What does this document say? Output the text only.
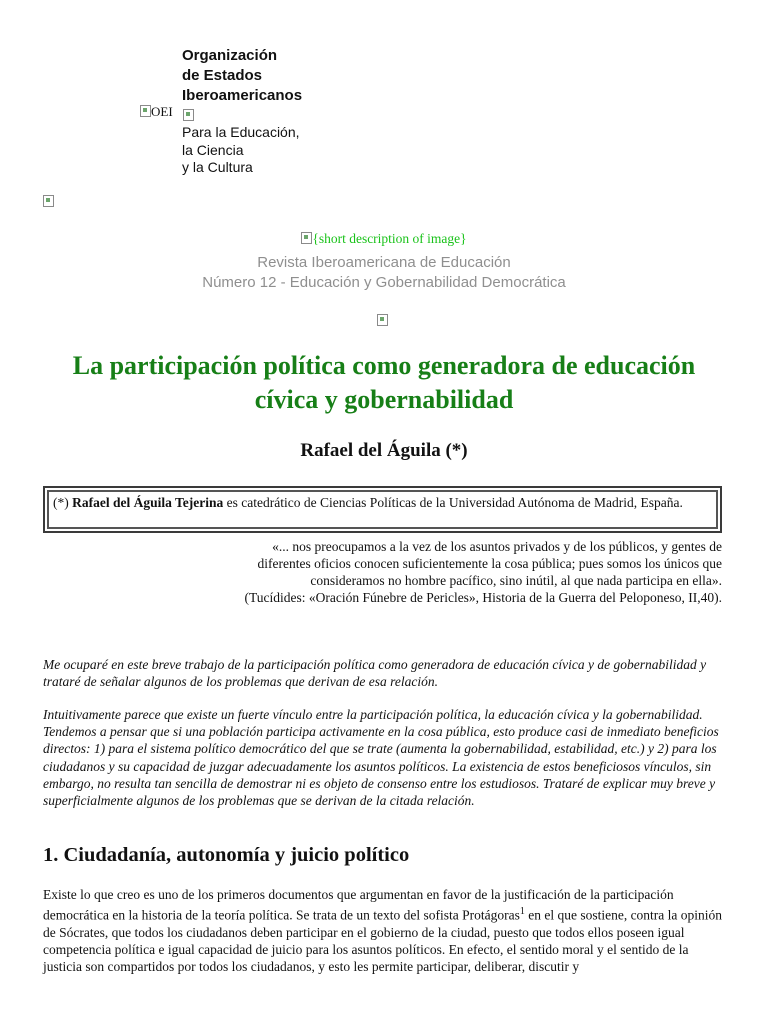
Organización
de Estados
Iberoamericanos
OEI
Para la Educación,
la Ciencia
y la Cultura
{short description of image}
Revista Iberoamericana de Educación
Número 12 - Educación y Gobernabilidad Democrática
La participación política como generadora de educación cívica y gobernabilidad
Rafael del Águila (*)
(*) Rafael del Águila Tejerina es catedrático de Ciencias Políticas de la Universidad Autónoma de Madrid, España.
«... nos preocupamos a la vez de los asuntos privados y de los públicos, y gentes de diferentes oficios conocen suficientemente la cosa pública; pues somos los únicos que consideramos no hombre pacífico, sino inútil, al que nada participa en ella».
(Tucídides: «Oración Fúnebre de Pericles», Historia de la Guerra del Peloponeso, II,40).
Me ocuparé en este breve trabajo de la participación política como generadora de educación cívica y de gobernabilidad y trataré de señalar algunos de los problemas que derivan de esa relación.
Intuitivamente parece que existe un fuerte vínculo entre la participación política, la educación cívica y la gobernabilidad. Tendemos a pensar que si una población participa activamente en la cosa pública, esto produce casi de inmediato beneficios directos: 1) para el sistema político democrático del que se trate (aumenta la gobernabilidad, estabilidad, etc.) y 2) para los ciudadanos y su capacidad de juzgar adecuadamente los asuntos políticos. La existencia de estos beneficiosos vínculos, sin embargo, no resulta tan sencilla de demostrar ni es objeto de consenso entre los estudiosos. Trataré de explicar muy breve y superficialmente algunos de los problemas que se derivan de la citada relación.
1. Ciudadanía, autonomía y juicio político
Existe lo que creo es uno de los primeros documentos que argumentan en favor de la justificación de la participación democrática en la historia de la teoría política. Se trata de un texto del sofista Protágoras$^1$ en el que sostiene, contra la opinión de Sócrates, que todos los ciudadanos deben participar en el gobierno de la ciudad, puesto que todos ellos poseen igual competencia política e igual capacidad de juicio para los asuntos políticos. En efecto, el sentido moral y el sentido de la justicia son compartidos por todos los ciudadanos, y esto les permite participar, deliberar, discutir y
